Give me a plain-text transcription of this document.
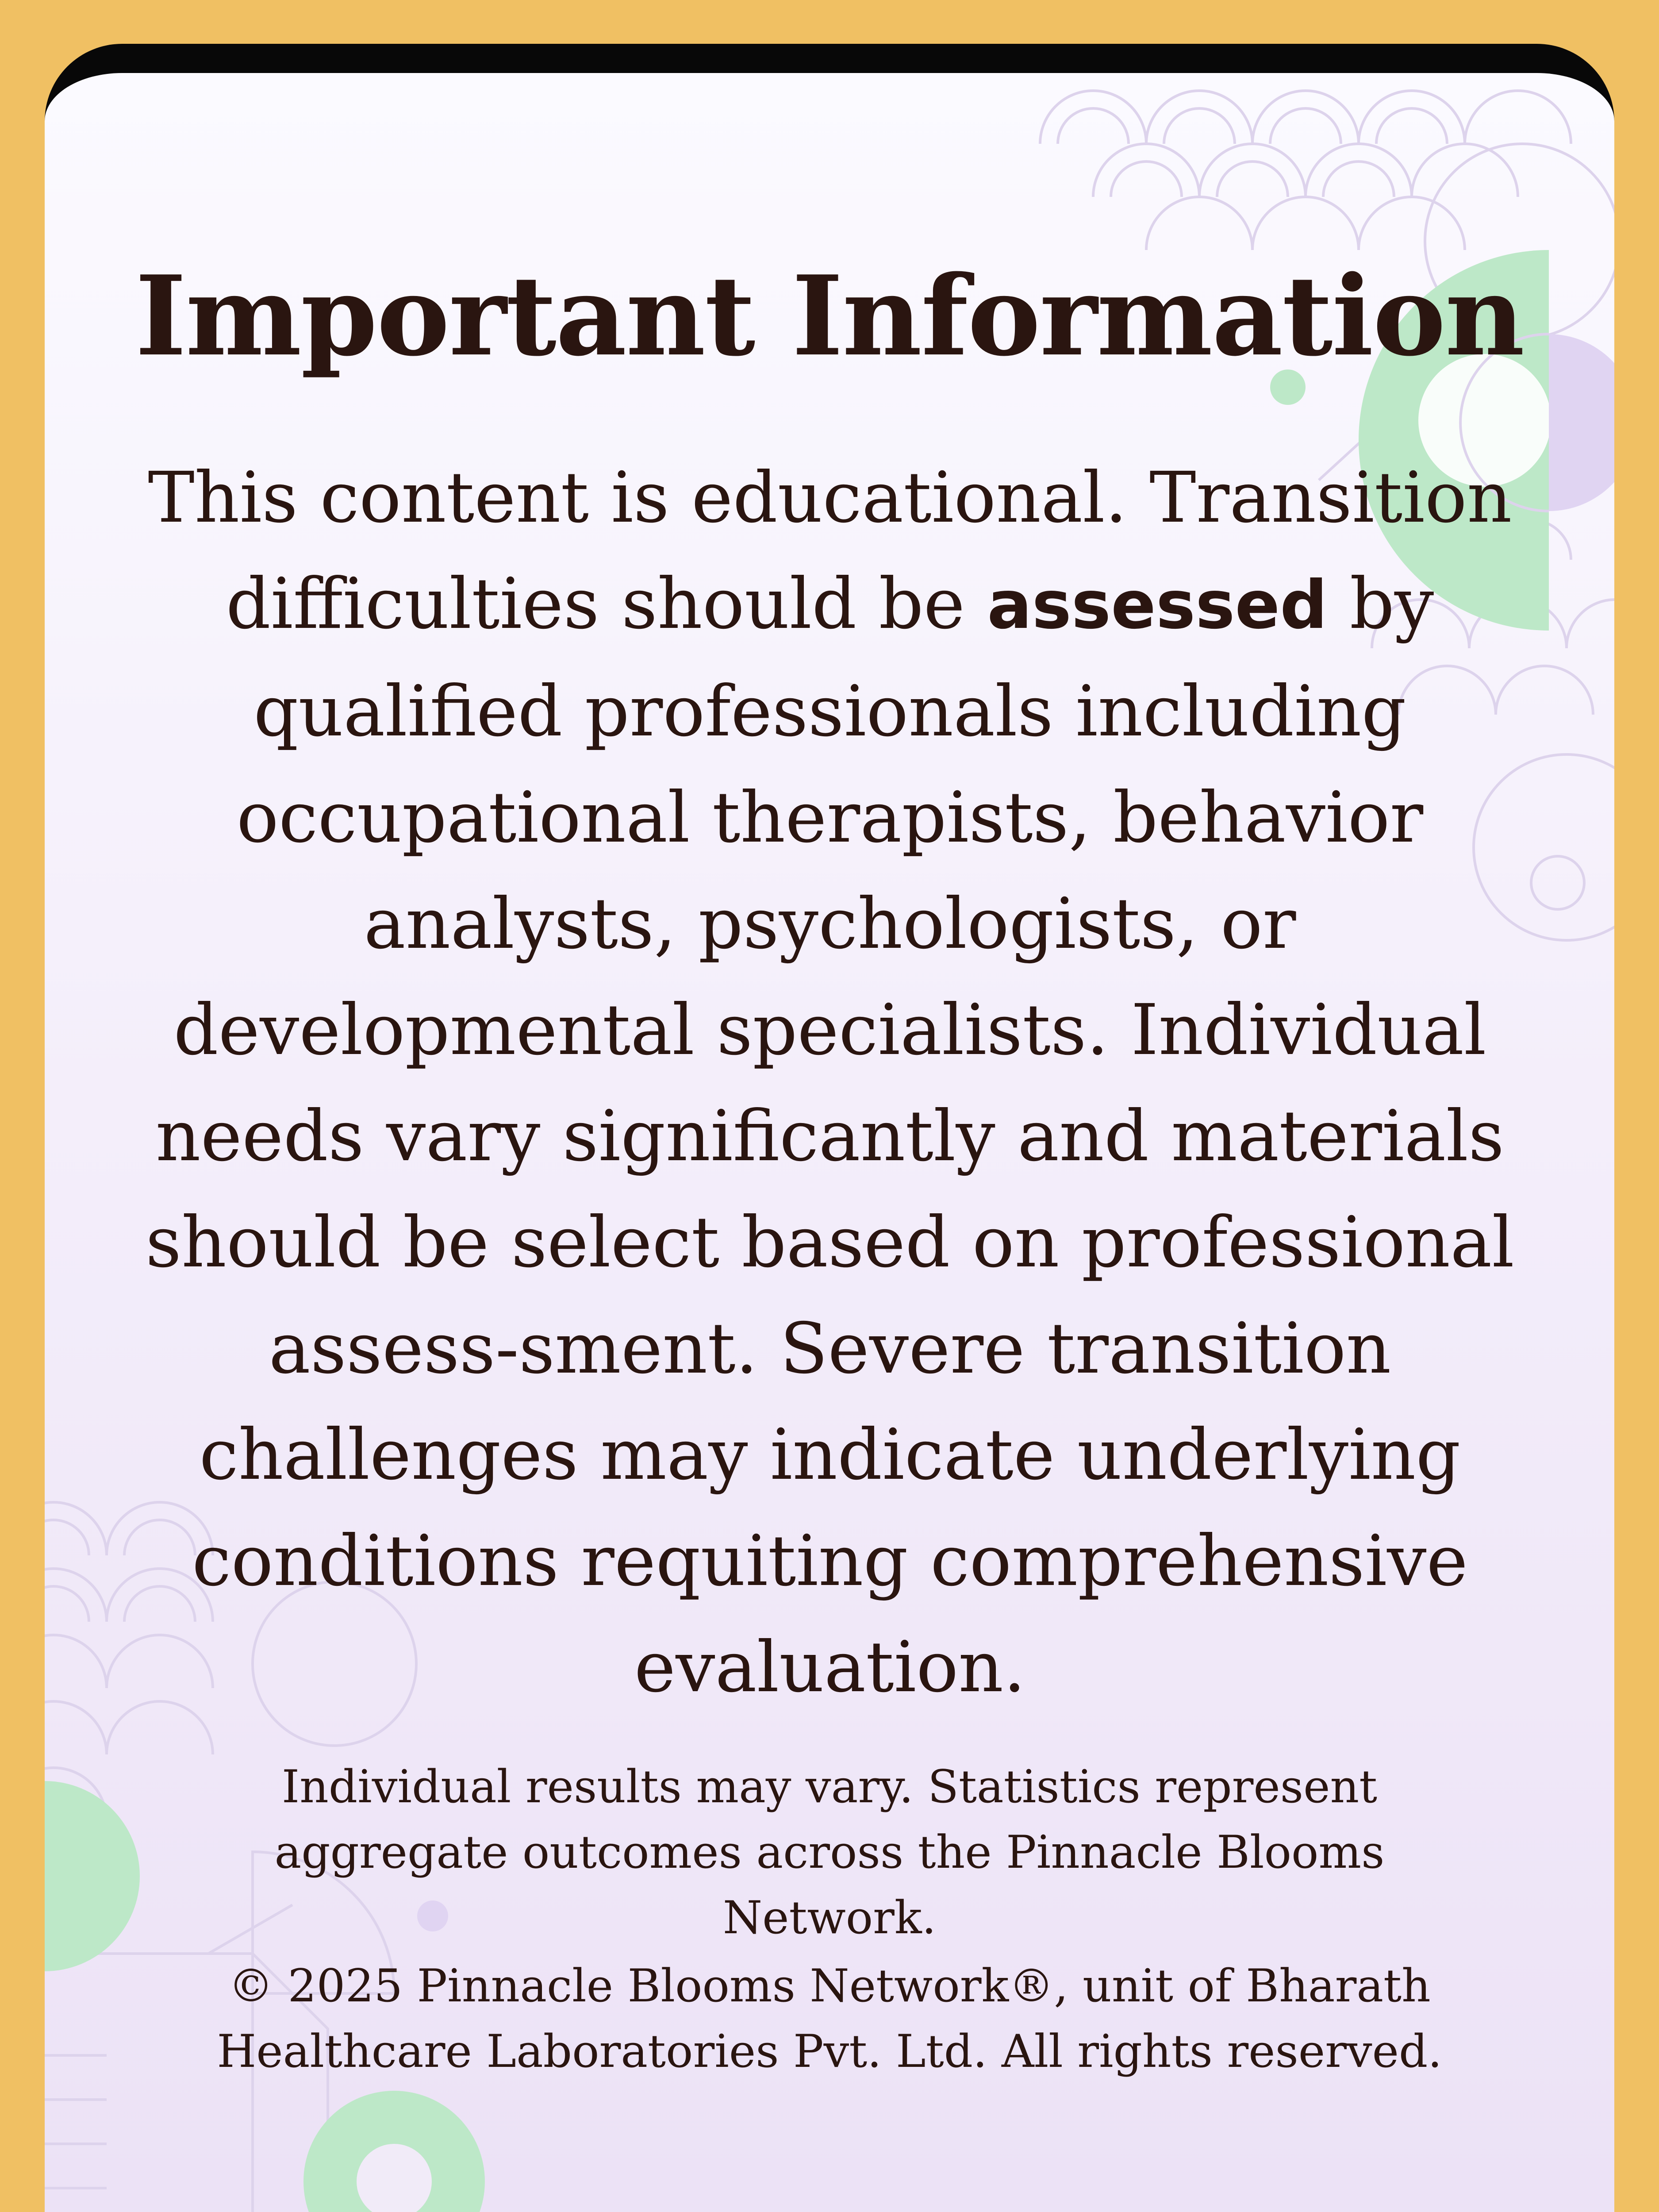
Important Information

This content is educational. Transition difficulties should be assessed by qualified professionals including occupational therapists, behavior analysts, psychologists, or developmental specialists. Individual needs vary significantly and materials should be select based on professional assess-sment. Severe transition challenges may indicate underlying conditions requiting comprehensive evaluation.

Individual results may vary. Statistics represent aggregate outcomes across the Pinnacle Blooms Network.

© 2025 Pinnacle Blooms Network®, unit of Bharath Healthcare Laboratories Pvt. Ltd. All rights reserved.
